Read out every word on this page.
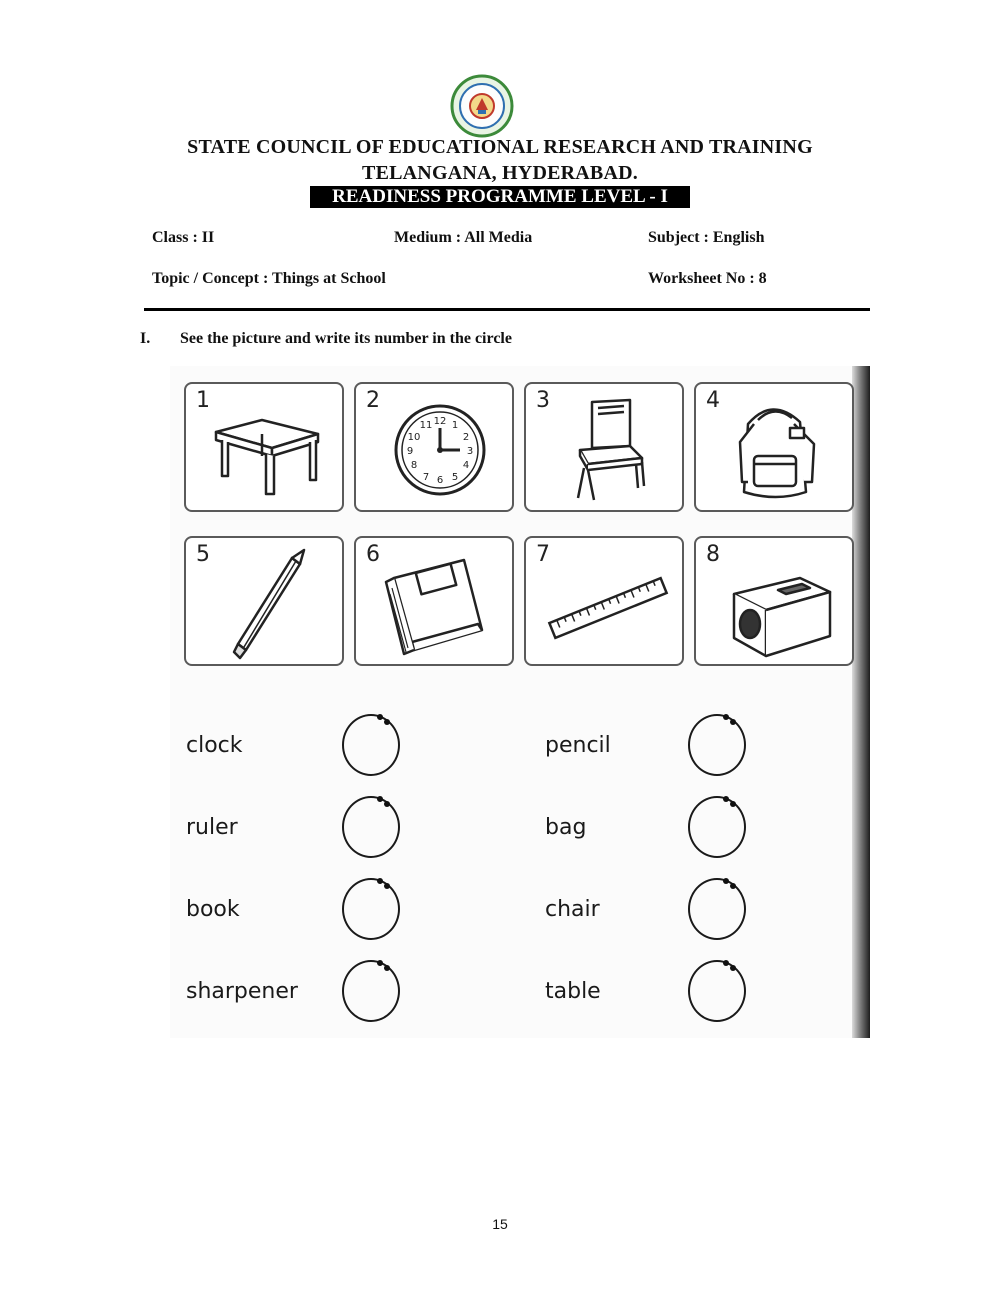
STATE COUNCIL OF EDUCATIONAL RESEARCH AND TRAINING
TELANGANA, HYDERABAD.
READINESS PROGRAMME LEVEL - I
Class : II	Medium : All Media	Subject : English
Topic / Concept : Things at School	Worksheet No : 8
I. See the picture and write its number in the circle
1	2
12
11 1
10	2
9	3
8	4
7 6 5
3	4
5	6	7	8
clock
ruler
book
sharpener
pencil
bag
chair
table
15
